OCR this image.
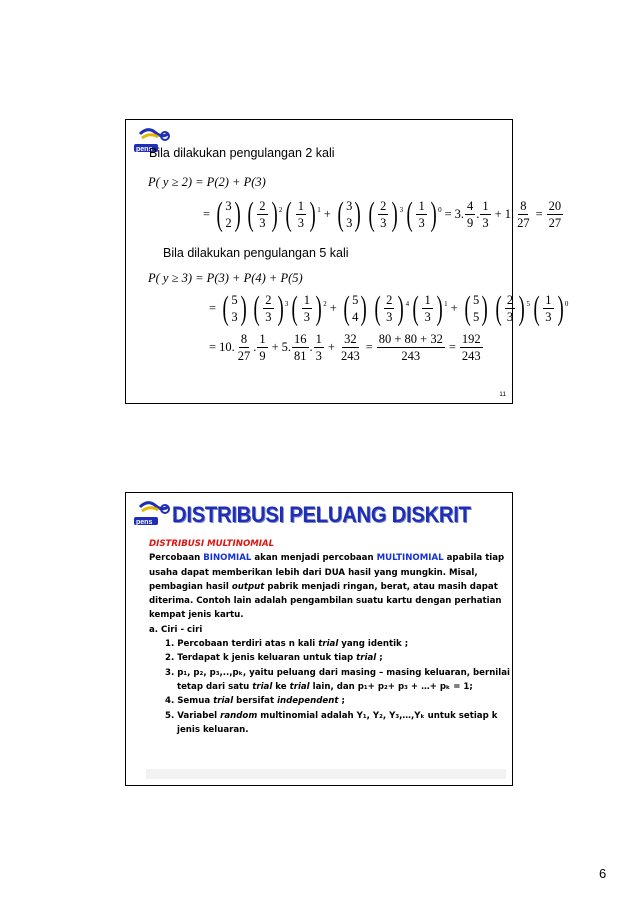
pens
Bila dilakukan pengulangan 2 kali
P( y ≥ 2) = P(2) + P(3)
= ( 3
2 ) ( $\frac{2}{3} )^2$ ( $\frac{1}{3} )^1$ + ( 3
3 ) ( $\frac{2}{3} )^3$ ( $\frac{1}{3} )^0 = 3$. $\frac{4}{9}$ . $\frac{1}{3} + 1$. $\frac{8}{27} = \frac{20}{27}$
Bila dilakukan pengulangan 5 kali
P( y ≥ 3) = P(3) + P(4) + P(5)
= ( 5
3 ) ( $\frac{2}{3} )^3$ ( $\frac{1}{3} )^2$ + ( 5
4 ) ( $\frac{2}{3} )^4$ ( $\frac{1}{3} )^1$ + ( 5
5 ) ( $\frac{2}{3} )^5$ ( $\frac{1}{3} )^0$
= 10. $\frac{8}{27}$ . $\frac{1}{9} + 5$. $\frac{16}{81}$ . $\frac{1}{3} + \frac{32}{243} = \frac{80 + 80 + 32}{243} = \frac{192}{243}$
11
pens DISTRIBUSI PELUANG DISKRIT
DISTRIBUSI MULTINOMIAL
Percobaan BINOMIAL akan menjadi percobaan MULTINOMIAL apabila tiap
usaha dapat memberikan lebih dari DUA hasil yang mungkin. Misal,
pembagian hasil output pabrik menjadi ringan, berat, atau masih dapat
diterima. Contoh lain adalah pengambilan suatu kartu dengan perhatian
kempat jenis kartu.
a. Ciri - ciri
1. Percobaan terdiri atas n kali trial yang identik ;
2. Terdapat k jenis keluaran untuk tiap trial ;
3. p₁, p₂, p₃,..,pₖ, yaitu peluang dari masing – masing keluaran, bernilai
tetap dari satu trial ke trial lain, dan p₁+ p₂+ p₃ + …+ pₖ = 1;
4. Semua trial bersifat independent ;
5. Variabel random multinomial adalah Y₁, Y₂, Y₃,…,Yₖ untuk setiap k
jenis keluaran.
6
